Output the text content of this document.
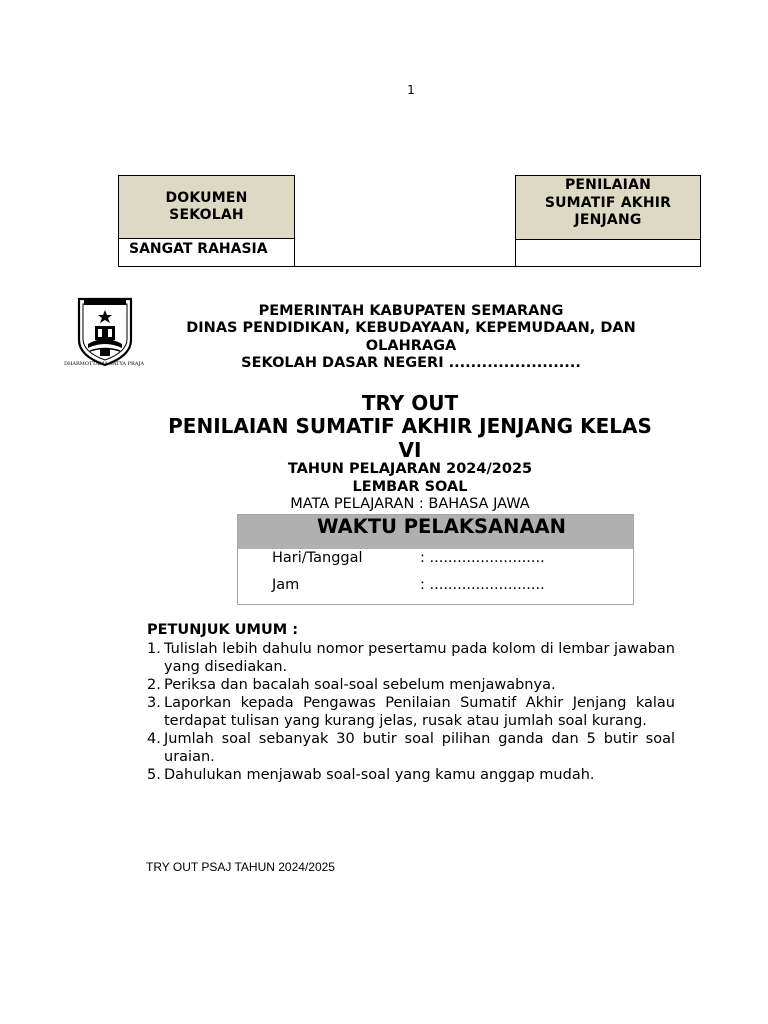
1
DOKUMEN
SEKOLAH
SANGAT RAHASIA
PENILAIAN
SUMATIF AKHIR
JENJANG
DHARMOTTAMA SATYA PRAJA
PEMERINTAH KABUPATEN SEMARANG
DINAS PENDIDIKAN, KEBUDAYAAN, KEPEMUDAAN, DAN
OLAHRAGA
SEKOLAH DASAR NEGERI ........................
TRY OUT
PENILAIAN SUMATIF AKHIR JENJANG KELAS
VI
TAHUN PELAJARAN 2024/2025
LEMBAR SOAL
MATA PELAJARAN : BAHASA JAWA
WAKTU PELAKSANAAN
Hari/Tanggal	: .........................
Jam	: .........................
PETUNJUK UMUM :
1. Tulislah lebih dahulu nomor pesertamu pada kolom di lembar jawaban yang disediakan.
2. Periksa dan bacalah soal-soal sebelum menjawabnya.
3. Laporkan kepada Pengawas Penilaian Sumatif Akhir Jenjang kalau terdapat tulisan yang kurang jelas, rusak atau jumlah soal kurang.
4. Jumlah soal sebanyak 30 butir soal pilihan ganda dan 5 butir soal uraian.
5. Dahulukan menjawab soal-soal yang kamu anggap mudah.
TRY OUT PSAJ TAHUN 2024/2025
